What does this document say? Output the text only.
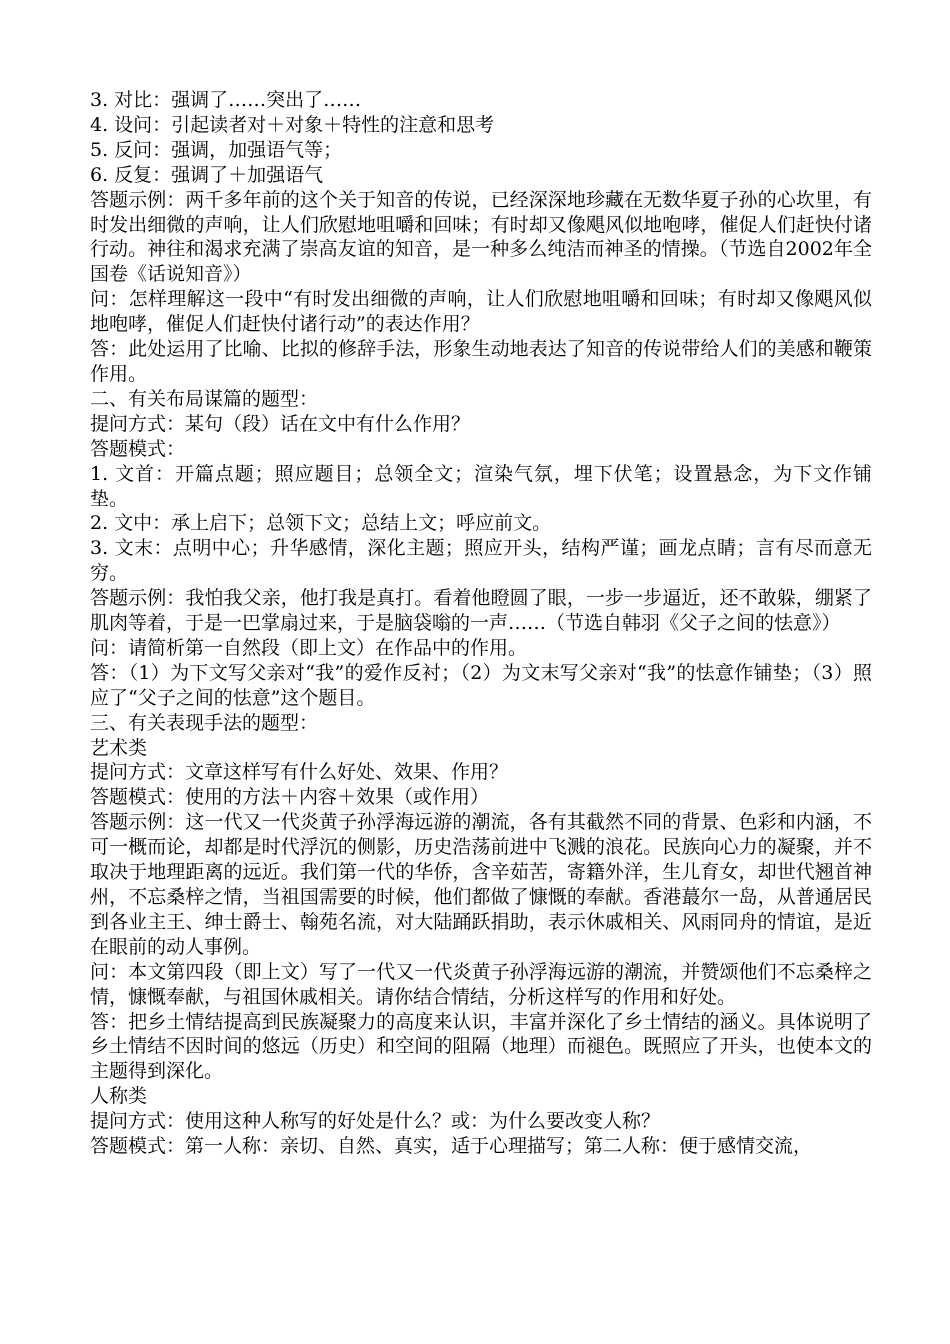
3. 对比：强调了……突出了……

4. 设问：引起读者对＋对象＋特性的注意和思考

5. 反问：强调，加强语气等；

6. 反复：强调了＋加强语气

答题示例：两千多年前的这个关于知音的传说，已经深深地珍藏在无数华夏子孙的心坎里，有时发出细微的声响，让人们欣慰地咀嚼和回味；有时却又像飓风似地咆哮，催促人们赶快付诸行动。神往和渴求充满了崇高友谊的知音，是一种多么纯洁而神圣的情操。（节选自2002年全国卷《话说知音》）

问：怎样理解这一段中“有时发出细微的声响，让人们欣慰地咀嚼和回味；有时却又像飓风似地咆哮，催促人们赶快付诸行动”的表达作用？

答：此处运用了比喻、比拟的修辞手法，形象生动地表达了知音的传说带给人们的美感和鞭策作用。

二、有关布局谋篇的题型：

提问方式：某句（段）话在文中有什么作用？

答题模式：

1. 文首：开篇点题；照应题目；总领全文；渲染气氛，埋下伏笔；设置悬念，为下文作铺垫。

2. 文中：承上启下；总领下文；总结上文；呼应前文。

3. 文末：点明中心；升华感情，深化主题；照应开头，结构严谨；画龙点睛；言有尽而意无穷。

答题示例：我怕我父亲，他打我是真打。看着他瞪圆了眼，一步一步逼近，还不敢躲，绷紧了肌肉等着，于是一巴掌扇过来，于是脑袋嗡的一声……（节选自韩羽《父子之间的怯意》）

问：请简析第一自然段（即上文）在作品中的作用。

答：（1）为下文写父亲对“我”的爱作反衬；（2）为文末写父亲对“我”的怯意作铺垫；（3）照应了“父子之间的怯意”这个题目。

三、有关表现手法的题型：

艺术类

提问方式：文章这样写有什么好处、效果、作用？

答题模式：使用的方法＋内容＋效果（或作用）

答题示例：这一代又一代炎黄子孙浮海远游的潮流，各有其截然不同的背景、色彩和内涵，不可一概而论，却都是时代浮沉的侧影，历史浩荡前进中飞溅的浪花。民族向心力的凝聚，并不取决于地理距离的远近。我们第一代的华侨，含辛茹苦，寄籍外洋，生儿育女，却世代翘首神州，不忘桑梓之情，当祖国需要的时候，他们都做了慷慨的奉献。香港蕞尔一岛，从普通居民到各业主王、绅士爵士、翰苑名流，对大陆踊跃捐助，表示休戚相关、风雨同舟的情谊，是近在眼前的动人事例。

问：本文第四段（即上文）写了一代又一代炎黄子孙浮海远游的潮流，并赞颂他们不忘桑梓之情，慷慨奉献，与祖国休戚相关。请你结合情结，分析这样写的作用和好处。

答：把乡土情结提高到民族凝聚力的高度来认识，丰富并深化了乡土情结的涵义。具体说明了乡土情结不因时间的悠远（历史）和空间的阻隔（地理）而褪色。既照应了开头，也使本文的主题得到深化。

人称类

提问方式：使用这种人称写的好处是什么？或：为什么要改变人称？

答题模式：第一人称：亲切、自然、真实，适于心理描写；第二人称：便于感情交流，
